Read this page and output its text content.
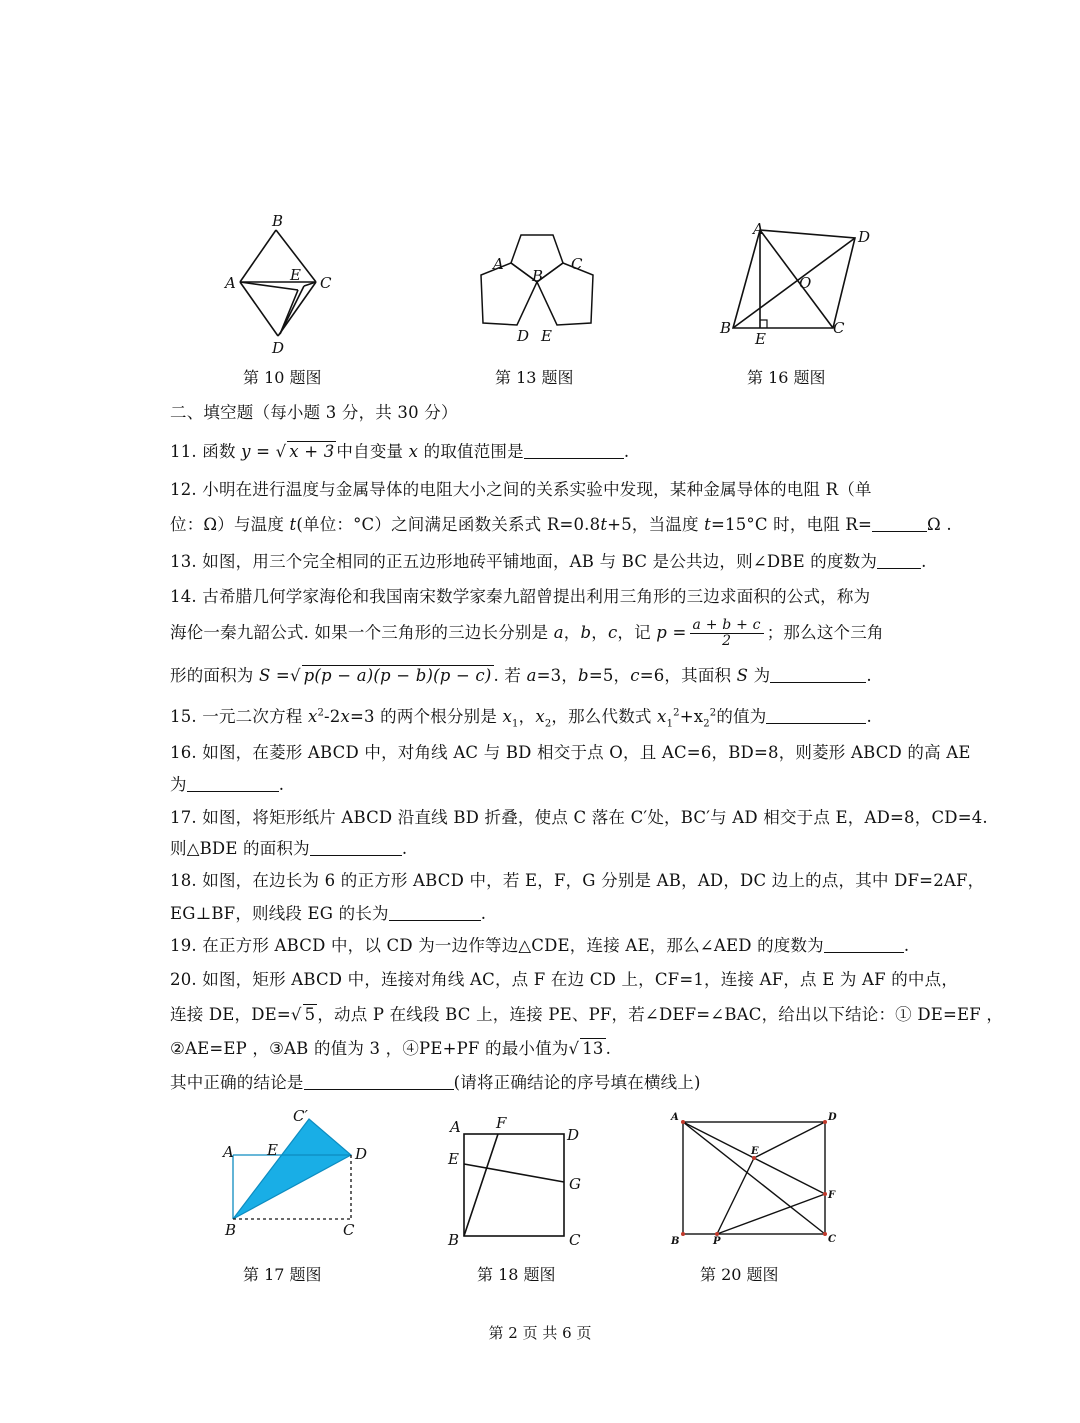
B
A	C
E
D
第 10 题图
A
B
C
D E
第 13 题图
A	D
O
B
E
C
第 16 题图
二、填空题（每小题 3 分，共 30 分）
11. 函数 y = √ x + 3 中自变量 x 的取值范围是	.
12. 小明在进行温度与金属导体的电阻大小之间的关系实验中发现，某种金属导体的电阻 R（单
位：Ω）与温度 t(单位：°C）之间满足函数关系式 R=0.8t+5，当温度 t=15°C 时，电阻 R=	Ω .
13. 如图，用三个完全相同的正五边形地砖平铺地面，AB 与 BC 是公共边，则∠DBE 的度数为	.
14. 古希腊几何学家海伦和我国南宋数学家秦九韶曾提出利用三角形的三边求面积的公式，称为
海伦一秦九韶公式. 如果一个三角形的三边长分别是 a，b，c，记 $p = \frac{a + b + c}{2}$ ；那么这个三角
形的面积为 S =√ p(p − a)(p − b)(p − c) . 若 a=3，b=5，c=6，其面积 S 为	.
15. 一元二次方程 $x^2-2x=3$ 的两个根分别是 $x_1$，$x_2$，那么代数式 $x_1^2+x_2^2$的值为	.
16. 如图，在菱形 ABCD 中，对角线 AC 与 BD 相交于点 O，且 AC=6，BD=8，则菱形 ABCD 的高 AE
为	.
17. 如图，将矩形纸片 ABCD 沿直线 BD 折叠，使点 C 落在 C′处，BC′与 AD 相交于点 E，AD=8，CD=4.
则△BDE 的面积为	.
18. 如图，在边长为 6 的正方形 ABCD 中，若 E，F，G 分别是 AB，AD，DC 边上的点，其中 DF=2AF，
EG⊥BF，则线段 EG 的长为	.
19. 在正方形 ABCD 中，以 CD 为一边作等边△CDE，连接 AE，那么∠AED 的度数为	.
20. 如图，矩形 ABCD 中，连接对角线 AC，点 F 在边 CD 上，CF=1，连接 AF，点 E 为 AF 的中点，
连接 DE，DE=√ 5 ，动点 P 在线段 BC 上，连接 PE、PF，若∠DEF=∠BAC，给出以下结论：① DE=EF ，
②AE=EP ，③AB 的值为 3 ，④PE+PF 的最小值为√ 13 .
其中正确的结论是	(请将正确结论的序号填在横线上)
C′
A E	D
B	C
第 17 题图
A F
D
E
G
B	C
第 18 题图
A	D
E
F
B	P	C
第 20 题图
第 2 页 共 6 页
